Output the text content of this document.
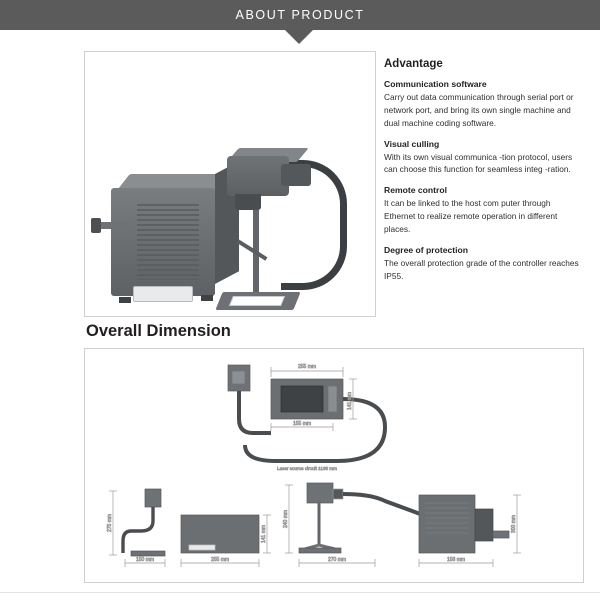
ABOUT PRODUCT
Advantage
Communication software
Carry out data communication through serial port or network port, and bring its own single machine and dual machine coding software.
Visual culling
With its own visual communica -tion protocol, users can choose this function for seamless integ -ration.
Remote control
It can be linked to the host com puter through Ethernet to realize remote operation in different places.
Degree of protection
The overall protection grade of the controller reaches IP55.
Overall Dimension
255 mm
141 mm
155 mm
Laser source circuit 1135 mm
275 mm
141 mm
150 mm	255 mm
240 mm	300 mm
270 mm	158 mm
